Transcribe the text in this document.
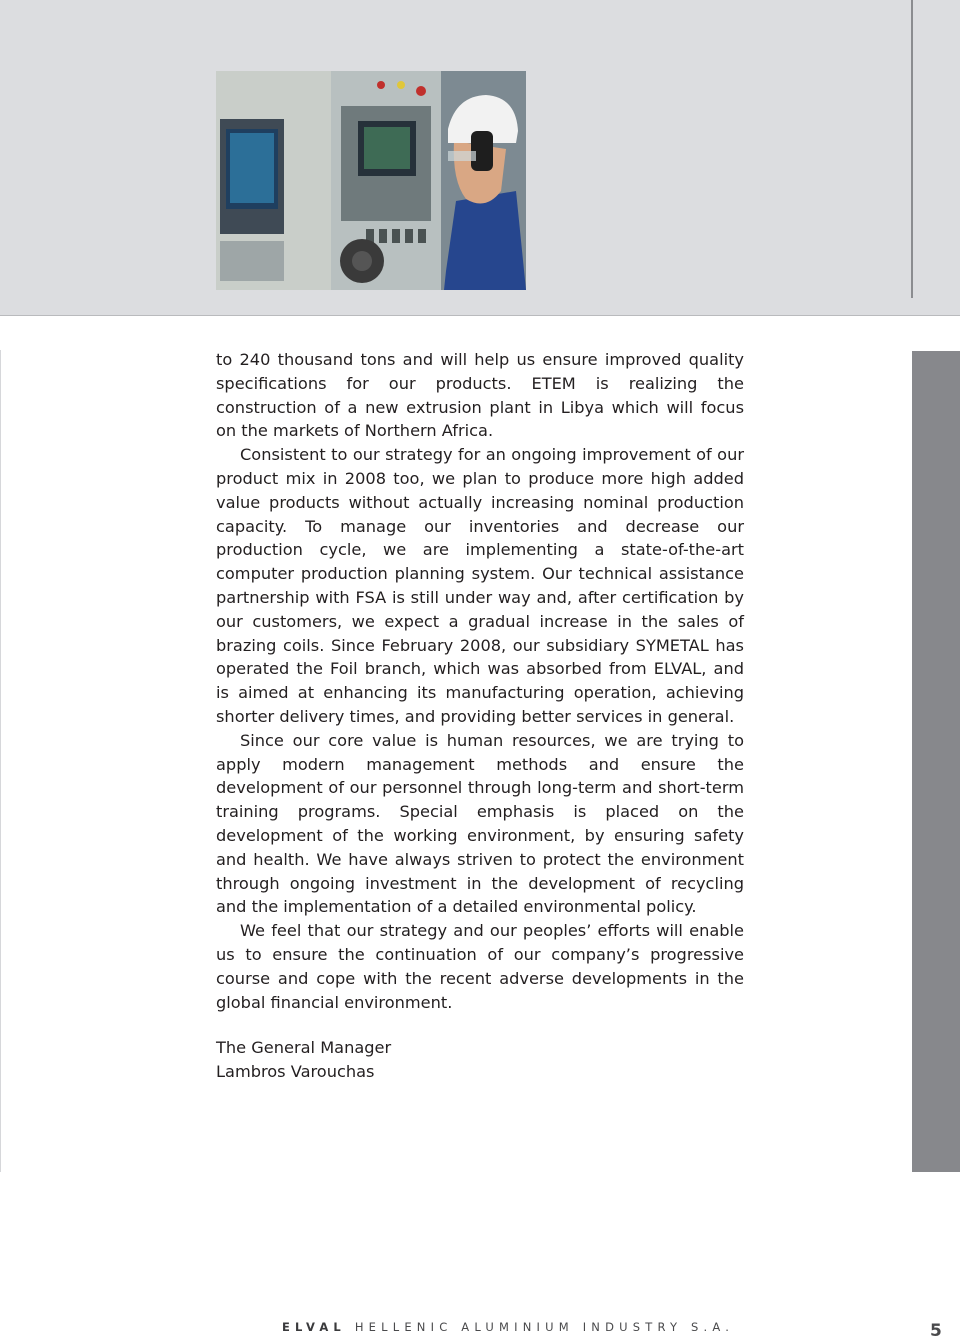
to 240 thousand tons and will help us ensure improved quality specifications for our products. ETEM is realizing the construction of a new extrusion plant in Libya which will focus on the markets of Northern Africa.

Consistent to our strategy for an ongoing improvement of our product mix in 2008 too, we plan to produce more high added value products without actually increasing nominal production capacity. To manage our inventories and decrease our production cycle, we are implementing a state-of-the-art computer production planning system. Our technical assistance partnership with FSA is still under way and, after certification by our customers, we expect a gradual increase in the sales of brazing coils. Since February 2008, our subsidiary SYMETAL has operated the Foil branch, which was absorbed from ELVAL, and is aimed at enhancing its manufacturing operation, achieving shorter delivery times, and providing better services in general.

Since our core value is human resources, we are trying to apply modern management methods and ensure the development of our personnel through long-term and short-term training programs. Special emphasis is placed on the development of the working environment, by ensuring safety and health. We have always striven to protect the environment through ongoing investment in the development of recycling and the implementation of a detailed environmental policy.

We feel that our strategy and our peoples’ efforts will enable us to ensure the continuation of our company’s progressive course and cope with the recent adverse developments in the global financial environment.

The General Manager
Lambros Varouchas
ELVAL HELLENIC ALUMINIUM INDUSTRY S.A.	5
